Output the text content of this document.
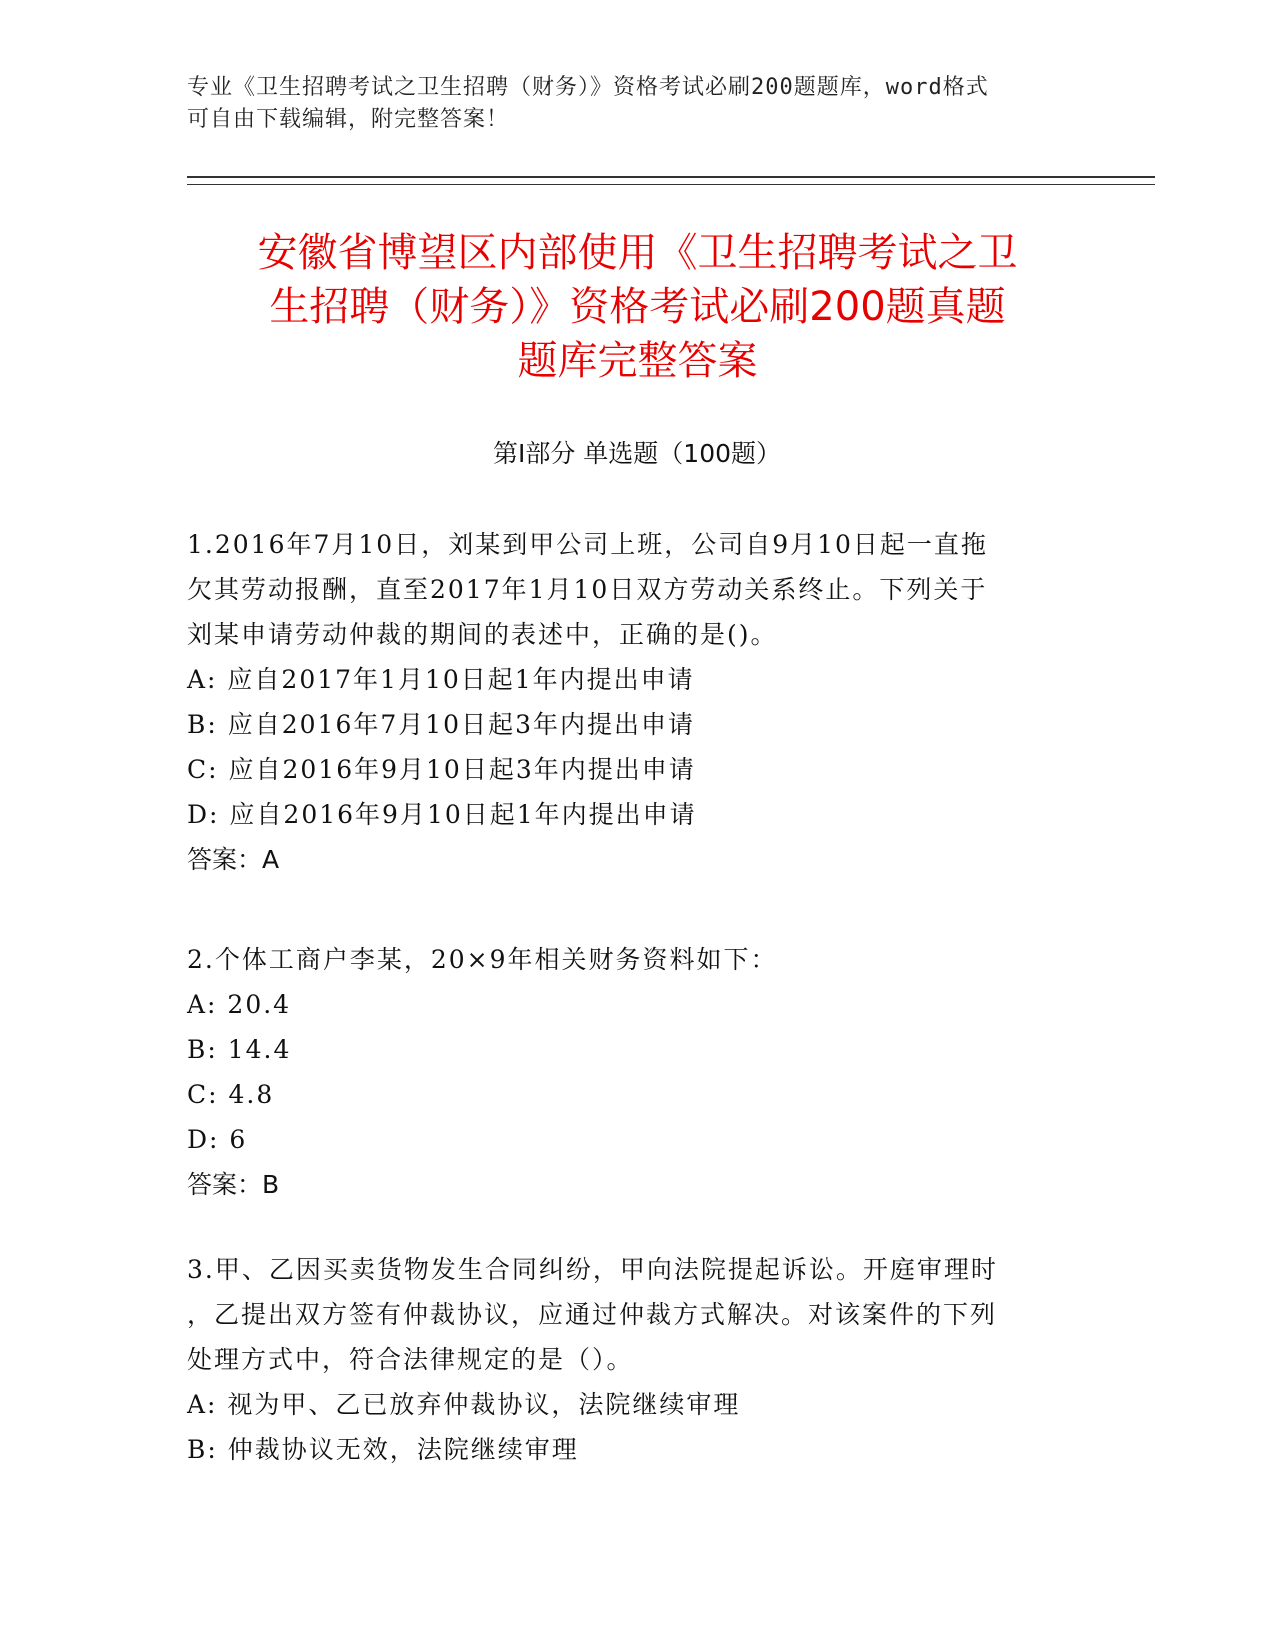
专业《卫生招聘考试之卫生招聘（财务）》资格考试必刷200题题库，word格式
可自由下载编辑，附完整答案！
安徽省博望区内部使用《卫生招聘考试之卫
生招聘（财务）》资格考试必刷200题真题
题库完整答案
第Ⅰ部分 单选题（100题）
1.2016年7月10日，刘某到甲公司上班，公司自9月10日起一直拖
欠其劳动报酬，直至2017年1月10日双方劳动关系终止。下列关于
刘某申请劳动仲裁的期间的表述中，正确的是()。
A: 应自2017年1月10日起1年内提出申请
B: 应自2016年7月10日起3年内提出申请
C: 应自2016年9月10日起3年内提出申请
D: 应自2016年9月10日起1年内提出申请
答案：A
2.个体工商户李某，20×9年相关财务资料如下：
A: 20.4
B: 14.4
C: 4.8
D: 6
答案：B
3.甲、乙因买卖货物发生合同纠纷，甲向法院提起诉讼。开庭审理时
，乙提出双方签有仲裁协议，应通过仲裁方式解决。对该案件的下列
处理方式中，符合法律规定的是（）。
A: 视为甲、乙已放弃仲裁协议，法院继续审理
B: 仲裁协议无效，法院继续审理
